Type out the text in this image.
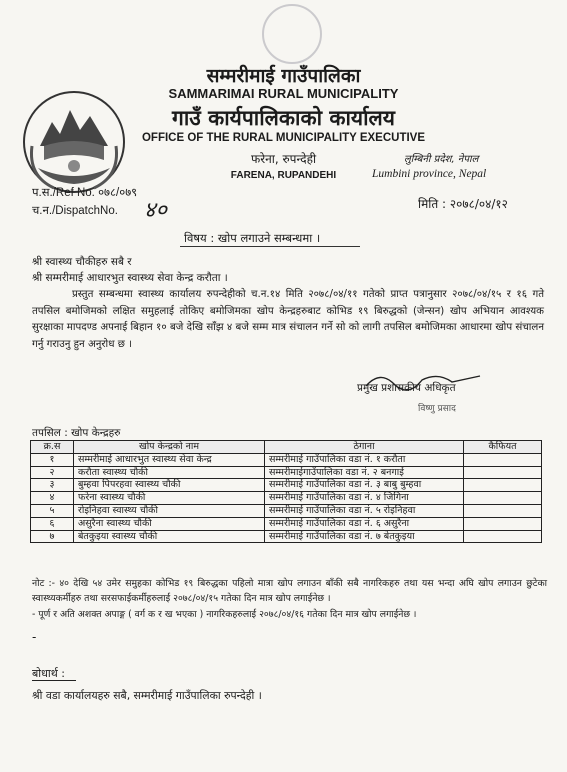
सम्मरीमाई गाउँपालिका
SAMMARIMAI RURAL MUNICIPALITY
गाउँ कार्यपालिकाको कार्यालय
OFFICE OF THE RURAL MUNICIPALITY EXECUTIVE
फरेना, रुपन्देही
FARENA, RUPANDEHI
लुम्बिनी प्रदेश, नेपाल
Lumbini province, Nepal
प.स./Ref No. ०७८/०७९
च.न./DispatchNo. ४०	मिति : २०७८/०४/१२
विषय : खोप लगाउने सम्बन्धमा ।
श्री स्वास्थ्य चौकीहरु सबै र
श्री सम्मरीमाई आधारभुत स्वास्थ्य सेवा केन्द्र करौता ।
प्रस्तुत सम्बन्धमा स्वास्थ्य कार्यालय रुपन्देहीको च.न.१४ मिति २०७८/०४/११ गतेको प्राप्त पत्रानुसार २०७८/०४/१५ र १६ गते तपसिल बमोजिमको लक्षित समुहलाई तोकिए बमोजिमका खोप केन्द्रहरुबाट कोभिड १९ बिरुद्धको (जेन्सन) खोप अभियान आवश्यक सुरक्षाका मापदण्ड अपनाई बिहान १० बजे देखि साँझ ४ बजे सम्म मात्र संचालन गर्ने सो को लागी तपसिल बमोजिमका आधारमा खोप संचालन गर्नु गराउनु हुन अनुरोध छ ।
प्रमुख प्रशासकीय अधिकृत
विष्णु प्रसाद
तपसिल : खोप केन्द्रहरु
क्र.स	खोप केन्द्रको नाम	ठेगाना	कैफियत
१	सम्मरीमाई आधारभुत स्वास्थ्य सेवा केन्द्र	सम्मरीमाई गाउँपालिका वडा नं. १ करौता	
२	करौता स्वास्थ्य चौकी	सम्मरीमाईगाउँपालिका वडा नं. २ बनगाई	
३	बुम्हवा पिपरहवा स्वास्थ्य चौकी	सम्मरीमाई गाउँपालिका वडा नं. ३ बाबु बुम्हवा	
४	फरेना स्वास्थ्य चौकी	सम्मरीमाई गाउँपालिका वडा नं. ४ जिगिना	
५	रोइनिहवा स्वास्थ्य चौकी	सम्मरीमाई गाउँपालिका वडा नं. ५ रोइनिहवा	
६	असुरैना स्वास्थ्य चौकी	सम्मरीमाई गाउँपालिका वडा नं. ६ असुरैना	
७	बेतकुइया स्वास्थ्य चौकी	सम्मरीमाई गाउँपालिका वडा नं. ७ बेतकुइया	
नोट :- ४० देखि ५४ उमेर समुहका कोभिड १९ बिरुद्धका पहिलो मात्रा खोप लगाउन बाँकी सबै नागरिकहरु तथा यस भन्दा अघि खोप लगाउन छुटेका स्वास्थ्यकर्मीहरु तथा सरसफाईकर्मीहरुलाई २०७८/०४/१५ गतेका दिन मात्र खोप लगाईनेछ ।
- पूर्ण र अति अशक्त अपाङ्ग ( वर्ग क र ख भएका ) नागरिकहरुलाई २०७८/०४/१६ गतेका दिन मात्र खोप लगाईनेछ ।
-
बोधार्थ :
श्री वडा कार्यालयहरु सबै, सम्मरीमाई गाउँपालिका रुपन्देही ।
